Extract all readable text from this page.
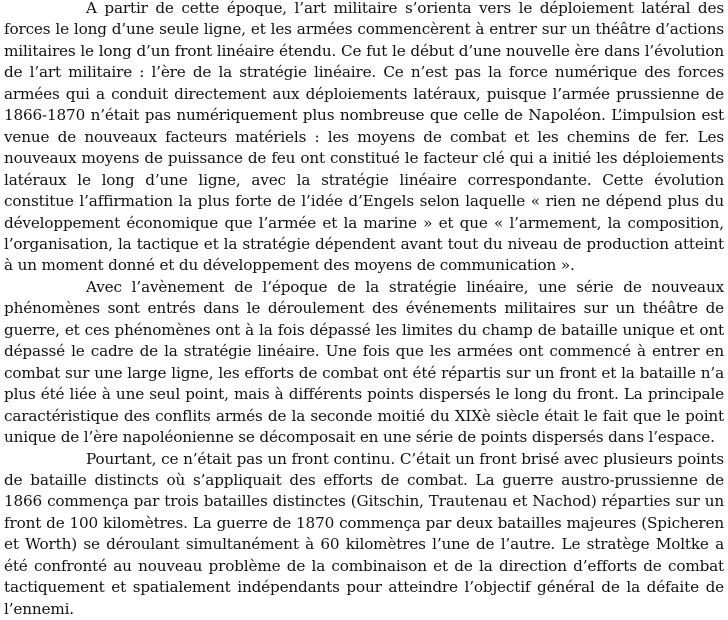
A partir de cette époque, l’art militaire s’orienta vers le déploiement latéral des forces le long d’une seule ligne, et les armées commencèrent à entrer sur un théâtre d’actions militaires le long d’un front linéaire étendu. Ce fut le début d’une nouvelle ère dans l’évolution de l’art militaire : l’ère de la stratégie linéaire. Ce n’est pas la force numérique des forces armées qui a conduit directement aux déploiements latéraux, puisque l’armée prussienne de 1866-1870 n’était pas numériquement plus nombreuse que celle de Napoléon. L’impulsion est venue de nouveaux facteurs matériels : les moyens de combat et les chemins de fer. Les nouveaux moyens de puissance de feu ont constitué le facteur clé qui a initié les déploiements latéraux le long d’une ligne, avec la stratégie linéaire correspondante. Cette évolution constitue l’affirmation la plus forte de l’idée d’Engels selon laquelle « rien ne dépend plus du développement économique que l’armée et la marine » et que « l’armement, la composition, l’organisation, la tactique et la stratégie dépendent avant tout du niveau de production atteint à un moment donné et du développement des moyens de communication ».

Avec l’avènement de l’époque de la stratégie linéaire, une série de nouveaux phénomènes sont entrés dans le déroulement des événements militaires sur un théâtre de guerre, et ces phénomènes ont à la fois dépassé les limites du champ de bataille unique et ont dépassé le cadre de la stratégie linéaire. Une fois que les armées ont commencé à entrer en combat sur une large ligne, les efforts de combat ont été répartis sur un front et la bataille n’a plus été liée à une seul point, mais à différents points dispersés le long du front. La principale caractéristique des conflits armés de la seconde moitié du XIXè siècle était le fait que le point unique de l’ère napoléonienne se décomposait en une série de points dispersés dans l’espace.

Pourtant, ce n’était pas un front continu. C’était un front brisé avec plusieurs points de bataille distincts où s’appliquait des efforts de combat. La guerre austro-prussienne de 1866 commença par trois batailles distinctes (Gitschin, Trautenau et Nachod) réparties sur un front de 100 kilomètres. La guerre de 1870 commença par deux batailles majeures (Spicheren et Worth) se déroulant simultanément à 60 kilomètres l’une de l’autre. Le stratège Moltke a été confronté au nouveau problème de la combinaison et de la direction d’efforts de combat tactiquement et spatialement indépendants pour atteindre l’objectif général de la défaite de l’ennemi.
